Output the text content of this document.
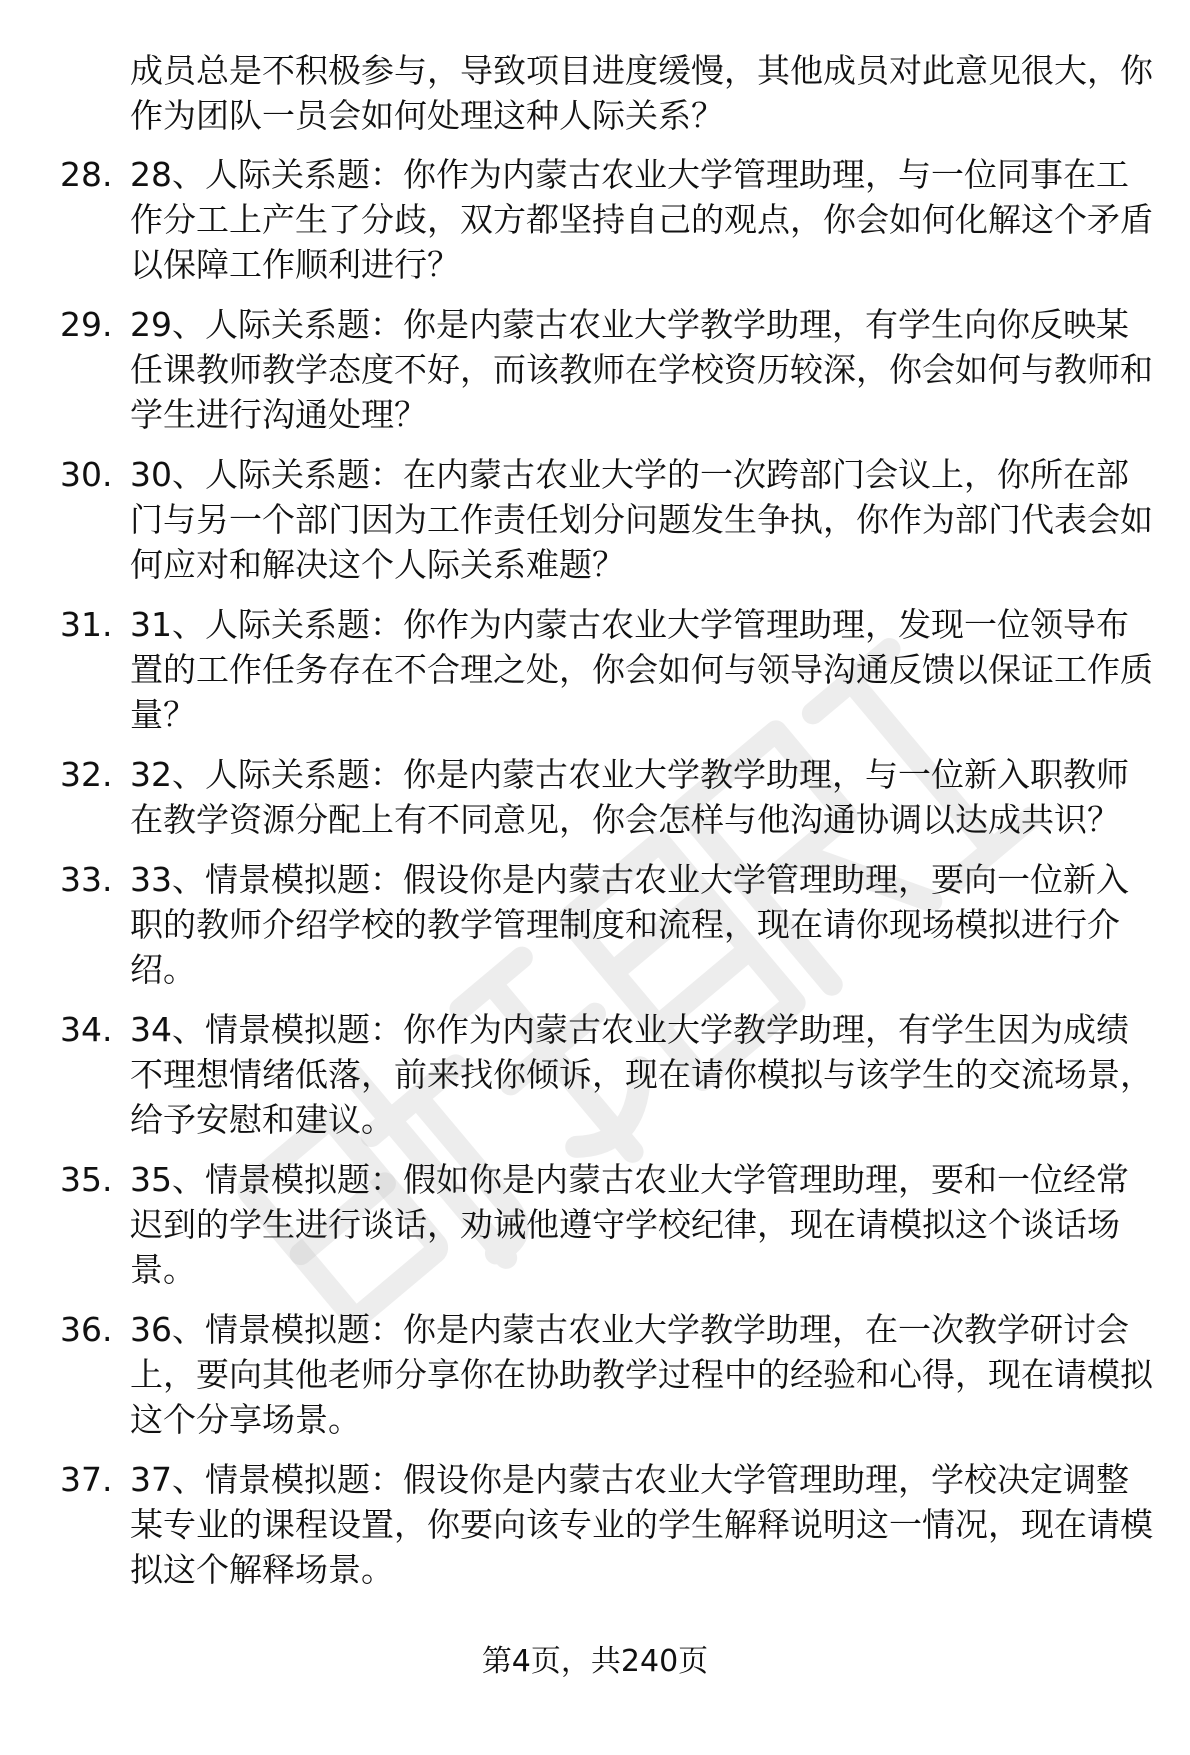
成员总是不积极参与，导致项目进度缓慢，其他成员对此意见很大，你作为团队一员会如何处理这种人际关系？
28. 28、人际关系题：你作为内蒙古农业大学管理助理，与一位同事在工作分工上产生了分歧，双方都坚持自己的观点，你会如何化解这个矛盾以保障工作顺利进行？
29. 29、人际关系题：你是内蒙古农业大学教学助理，有学生向你反映某任课教师教学态度不好，而该教师在学校资历较深，你会如何与教师和学生进行沟通处理？
30. 30、人际关系题：在内蒙古农业大学的一次跨部门会议上，你所在部门与另一个部门因为工作责任划分问题发生争执，你作为部门代表会如何应对和解决这个人际关系难题？
31. 31、人际关系题：你作为内蒙古农业大学管理助理，发现一位领导布置的工作任务存在不合理之处，你会如何与领导沟通反馈以保证工作质量？
32. 32、人际关系题：你是内蒙古农业大学教学助理，与一位新入职教师在教学资源分配上有不同意见，你会怎样与他沟通协调以达成共识？
33. 33、情景模拟题：假设你是内蒙古农业大学管理助理，要向一位新入职的教师介绍学校的教学管理制度和流程，现在请你现场模拟进行介绍。
34. 34、情景模拟题：你作为内蒙古农业大学教学助理，有学生因为成绩不理想情绪低落，前来找你倾诉，现在请你模拟与该学生的交流场景，给予安慰和建议。
35. 35、情景模拟题：假如你是内蒙古农业大学管理助理，要和一位经常迟到的学生进行谈话，劝诫他遵守学校纪律，现在请模拟这个谈话场景。
36. 36、情景模拟题：你是内蒙古农业大学教学助理，在一次教学研讨会上，要向其他老师分享你在协助教学过程中的经验和心得，现在请模拟这个分享场景。
37. 37、情景模拟题：假设你是内蒙古农业大学管理助理，学校决定调整某专业的课程设置，你要向该专业的学生解释说明这一情况，现在请模拟这个解释场景。
第4页，共240页
